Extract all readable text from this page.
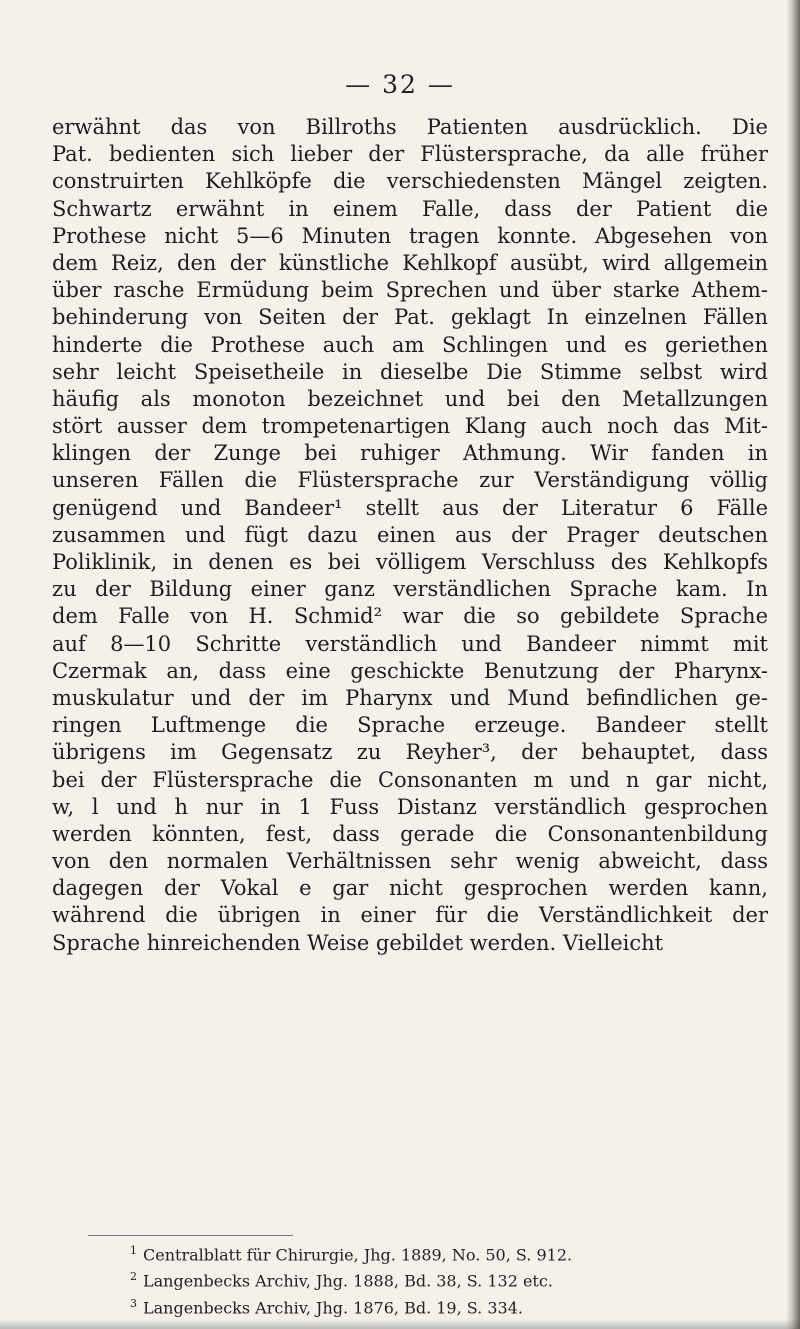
— 32 —
erwähnt das von Billroths Patienten ausdrücklich. Die
Pat. bedienten sich lieber der Flüstersprache, da alle früher
construirten Kehlköpfe die verschiedensten Mängel zeigten.
Schwartz erwähnt in einem Falle, dass der Patient die
Prothese nicht 5—6 Minuten tragen konnte. Abgesehen von
dem Reiz, den der künstliche Kehlkopf ausübt, wird allgemein
über rasche Ermüdung beim Sprechen und über starke Athem-
behinderung von Seiten der Pat. geklagt In einzelnen Fällen
hinderte die Prothese auch am Schlingen und es geriethen
sehr leicht Speisetheile in dieselbe Die Stimme selbst wird
häufig als monoton bezeichnet und bei den Metallzungen
stört ausser dem trompetenartigen Klang auch noch das Mit-
klingen der Zunge bei ruhiger Athmung. Wir fanden in
unseren Fällen die Flüstersprache zur Verständigung völlig
genügend und Bandeer¹ stellt aus der Literatur 6 Fälle
zusammen und fügt dazu einen aus der Prager deutschen
Poliklinik, in denen es bei völligem Verschluss des Kehlkopfs
zu der Bildung einer ganz verständlichen Sprache kam. In
dem Falle von H. Schmid² war die so gebildete Sprache
auf 8—10 Schritte verständlich und Bandeer nimmt mit
Czermak an, dass eine geschickte Benutzung der Pharynx-
muskulatur und der im Pharynx und Mund befindlichen ge-
ringen Luftmenge die Sprache erzeuge. Bandeer stellt
übrigens im Gegensatz zu Reyher³, der behauptet, dass
bei der Flüstersprache die Consonanten m und n gar nicht,
w, l und h nur in 1 Fuss Distanz verständlich gesprochen
werden könnten, fest, dass gerade die Consonantenbildung
von den normalen Verhältnissen sehr wenig abweicht, dass
dagegen der Vokal e gar nicht gesprochen werden kann,
während die übrigen in einer für die Verständlichkeit der
Sprache hinreichenden Weise gebildet werden. Vielleicht
$^1$ Centralblatt für Chirurgie, Jhg. 1889, No. 50, S. 912.
$^2$ Langenbecks Archiv, Jhg. 1888, Bd. 38, S. 132 etc.
$^3$ Langenbecks Archiv, Jhg. 1876, Bd. 19, S. 334.
